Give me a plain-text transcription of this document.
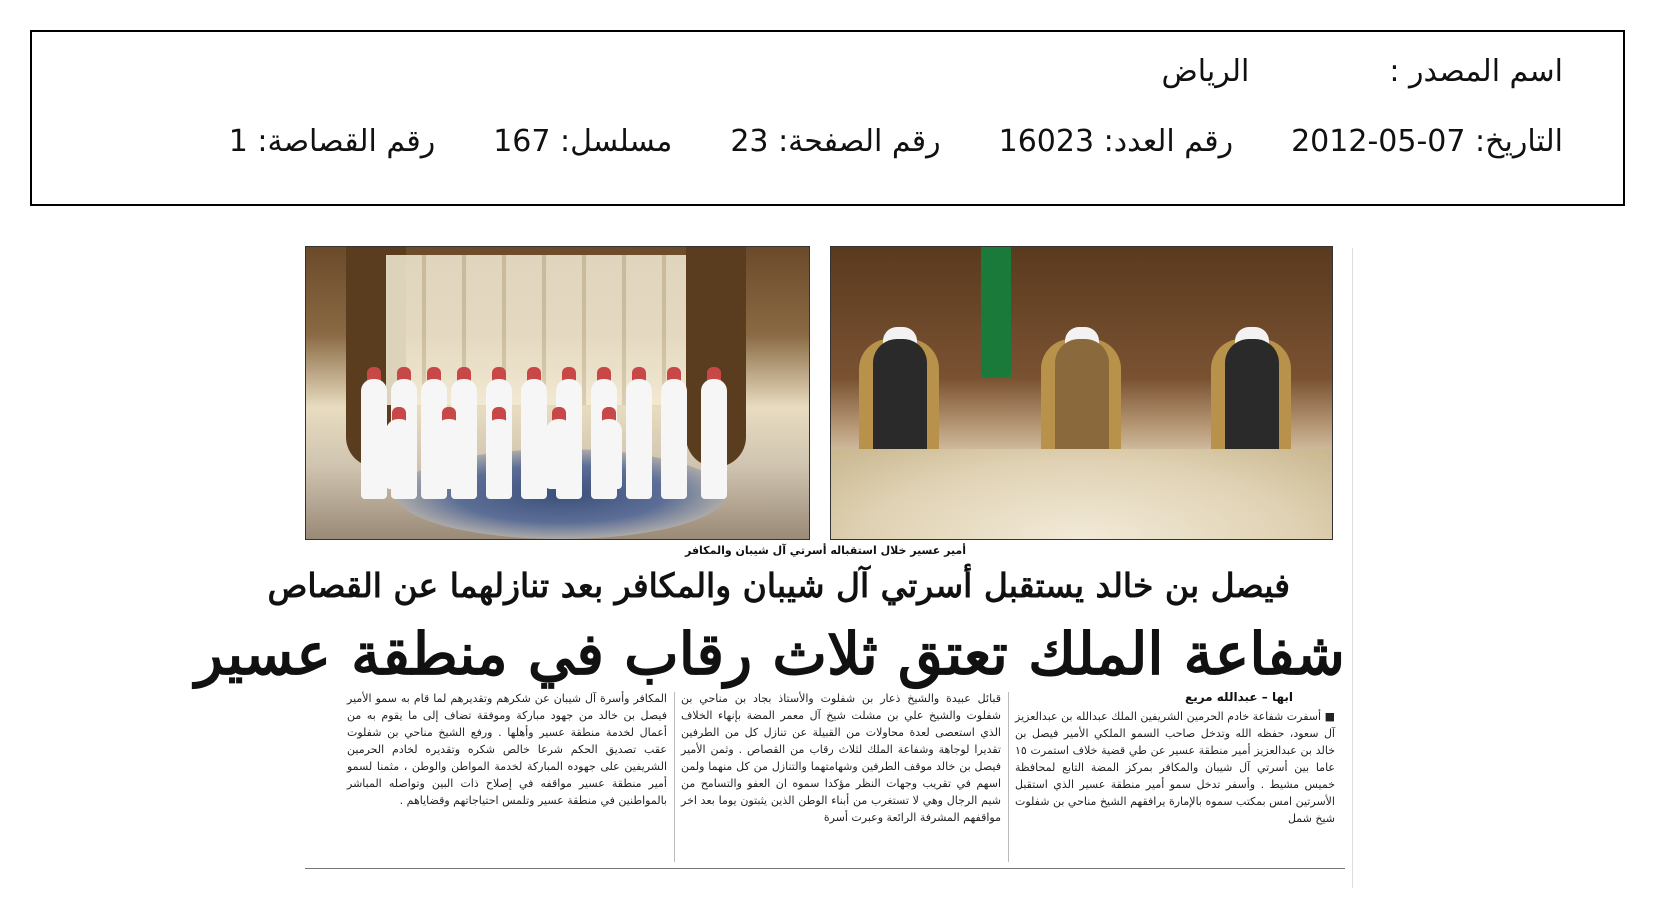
اسم المصدر :الرياض
التاريخ: 07-05-2012رقم العدد: 16023رقم الصفحة: 23مسلسل: 167رقم القصاصة: 1
أمير عسير خلال استقباله أسرتي آل شيبان والمكافر
فيصل بن خالد يستقبل أسرتي آل شيبان والمكافر بعد تنازلهما عن القصاص
شفاعة الملك تعتق ثلاث رقاب في منطقة عسير
ابها – عبدالله مريع

■ أسفرت شفاعة خادم الحرمين الشريفين الملك عبدالله بن عبدالعزيز آل سعود، حفظه الله وتدخل صاحب السمو الملكي الأمير فيصل بن خالد بن عبدالعزيز أمير منطقة عسير عن طي قضية خلاف استمرت ١٥ عاما بين أسرتي آل شيبان والمكافر بمركز المضة التابع لمحافظة خميس مشيط . وأسفر تدخل سمو أمير منطقة عسير الذي استقبل الأسرتين امس بمكتب سموه بالإمارة يرافقهم الشيخ مناحي بن شفلوت شيخ شمل

قبائل عبيدة والشيخ ذعار بن شفلوت والأستاذ بجاد بن مناحي بن شفلوت والشيخ علي بن مشلت شيخ آل معمر المضة بإنهاء الخلاف الذي استعصى لعدة محاولات من القبيلة عن تنازل كل من الطرفين تقديرا لوجاهة وشفاعة الملك لثلاث رقاب من القصاص . وثمن الأمير فيصل بن خالد موقف الطرفين وشهامتهما والتنازل من كل منهما ولمن اسهم في تقريب وجهات النظر مؤكدا سموه ان العفو والتسامح من شيم الرجال وهي لا تستغرب من أبناء الوطن الذين يثبتون يوما بعد اخر مواقفهم المشرفة الرائعة وعبرت أسرة

المكافر وأسرة آل شيبان عن شكرهم وتقديرهم لما قام به سمو الأمير فيصل بن خالد من جهود مباركة وموفقة تضاف إلى ما يقوم به من أعمال لخدمة منطقة عسير وأهلها . ورفع الشيخ مناحي بن شفلوت عقب تصديق الحكم شرعا خالص شكره وتقديره لخادم الحرمين الشريفين على جهوده المباركة لخدمة المواطن والوطن ، مثمنا لسمو أمير منطقة عسير مواقفه في إصلاح ذات البين وتواصله المباشر بالمواطنين في منطقة عسير وتلمس احتياجاتهم وقضاياهم .
